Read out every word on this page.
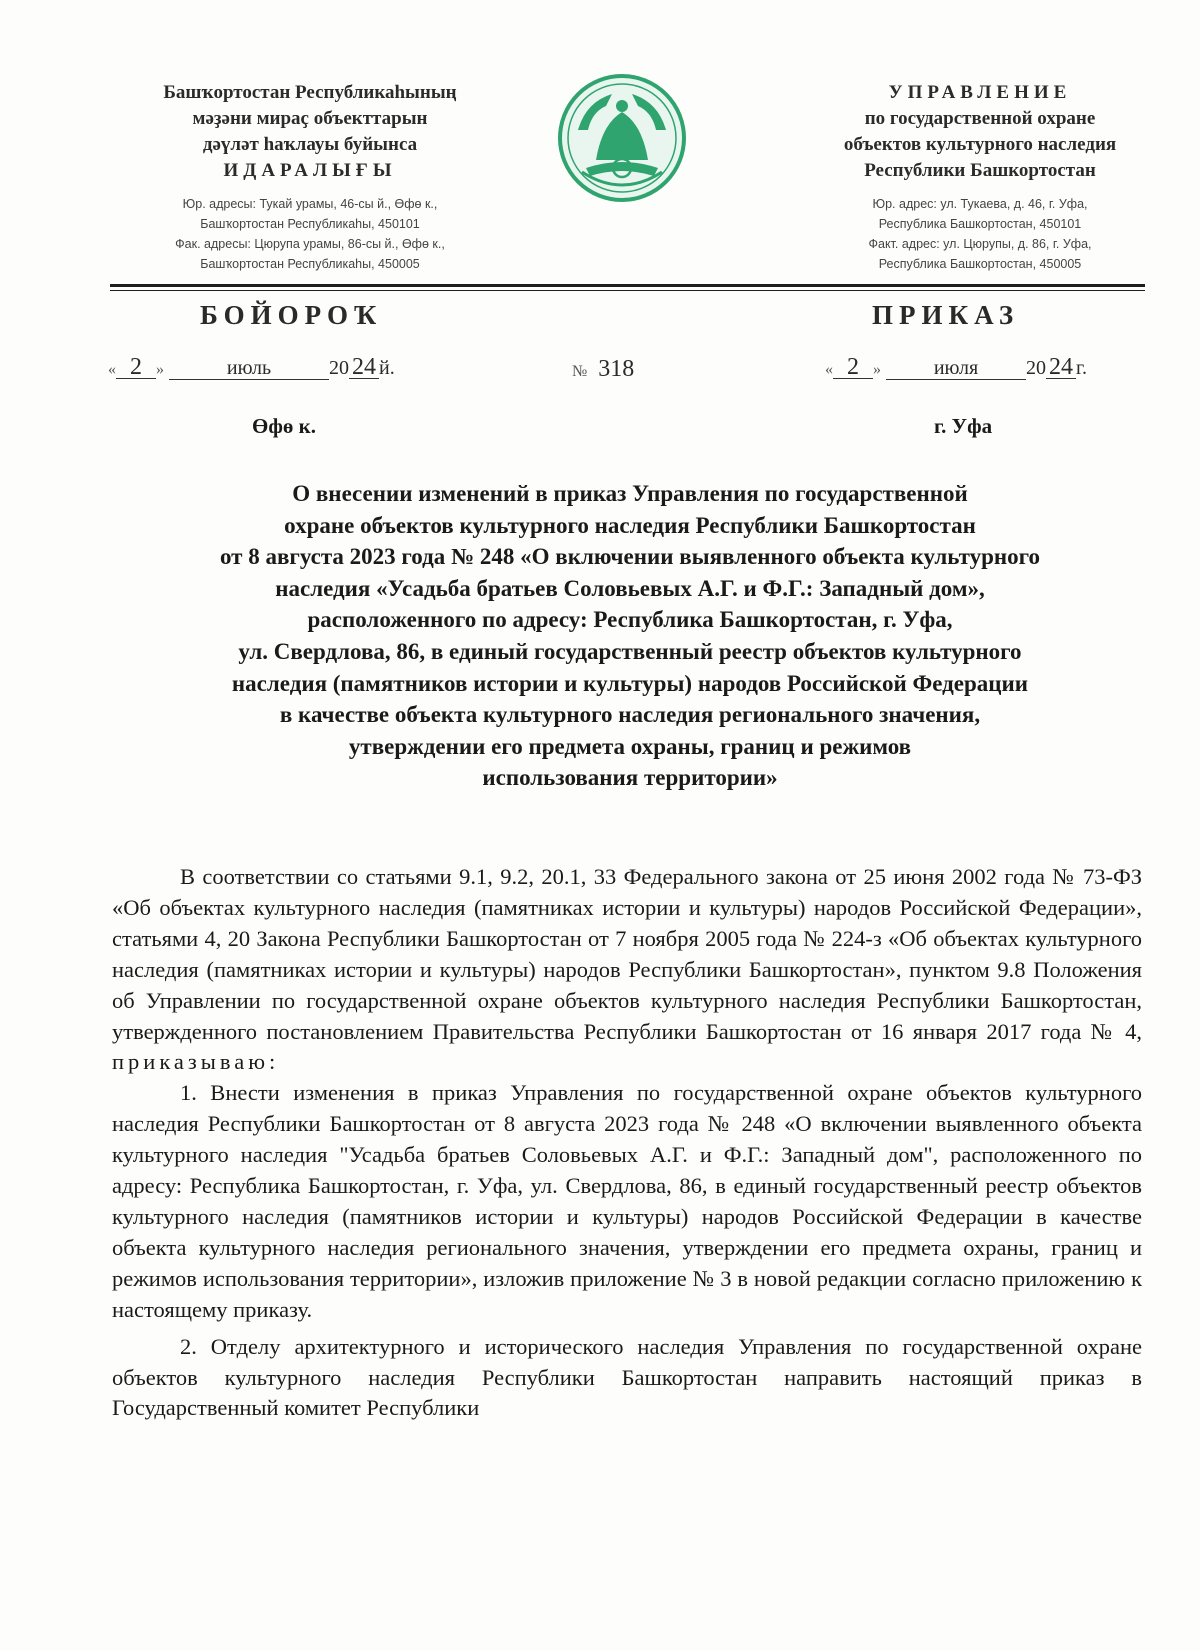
Башҡортостан Республикаһының
мәҙәни мираҫ объекттарын
дәүләт һаҡлауы буйынса
ИДАРАЛЫҒЫ
Юр. адресы: Тукай урамы, 46-сы й., Өфө к.,
Башҡортостан Республикаһы, 450101
Фак. адресы: Цюрупа урамы, 86-сы й., Өфө к.,
Башҡортостан Республикаһы, 450005
УПРАВЛЕНИЕ
по государственной охране
объектов культурного наследия
Республики Башкортостан
Юр. адрес: ул. Тукаева, д. 46, г. Уфа,
Республика Башкортостан, 450101
Факт. адрес: ул. Цюрупы, д. 86, г. Уфа,
Республика Башкортостан, 450005
БОЙОРОҠ	ПРИКАЗ
« 2 »	июль	20 24 й.	№ 318	« 2 »	июля 20 24 г.
Өфө к.	г. Уфа
О внесении изменений в приказ Управления по государственной
охране объектов культурного наследия Республики Башкортостан
от 8 августа 2023 года № 248 «О включении выявленного объекта культурного
наследия «Усадьба братьев Соловьевых А.Г. и Ф.Г.: Западный дом»,
расположенного по адресу: Республика Башкортостан, г. Уфа,
ул. Свердлова, 86, в единый государственный реестр объектов культурного
наследия (памятников истории и культуры) народов Российской Федерации
в качестве объекта культурного наследия регионального значения,
утверждении его предмета охраны, границ и режимов
использования территории»

В соответствии со статьями 9.1, 9.2, 20.1, 33 Федерального закона от 25 июня 2002 года № 73-ФЗ «Об объектах культурного наследия (памятниках истории и культуры) народов Российской Федерации», статьями 4, 20 Закона Республики Башкортостан от 7 ноября 2005 года № 224-з «Об объектах культурного наследия (памятниках истории и культуры) народов Республики Башкортостан», пунктом 9.8 Положения об Управлении по государственной охране объектов культурного наследия Республики Башкортостан, утвержденного постановлением Правительства Республики Башкортостан от 16 января 2017 года № 4, приказываю:

1. Внести изменения в приказ Управления по государственной охране объектов культурного наследия Республики Башкортостан от 8 августа 2023 года № 248 «О включении выявленного объекта культурного наследия "Усадьба братьев Соловьевых А.Г. и Ф.Г.: Западный дом", расположенного по адресу: Республика Башкортостан, г. Уфа, ул. Свердлова, 86, в единый государственный реестр объектов культурного наследия (памятников истории и культуры) народов Российской Федерации в качестве объекта культурного наследия регионального значения, утверждении его предмета охраны, границ и режимов использования территории», изложив приложение № 3 в новой редакции согласно приложению к настоящему приказу.

2. Отделу архитектурного и исторического наследия Управления по государственной охране объектов культурного наследия Республики Башкортостан направить настоящий приказ в Государственный комитет Республики
